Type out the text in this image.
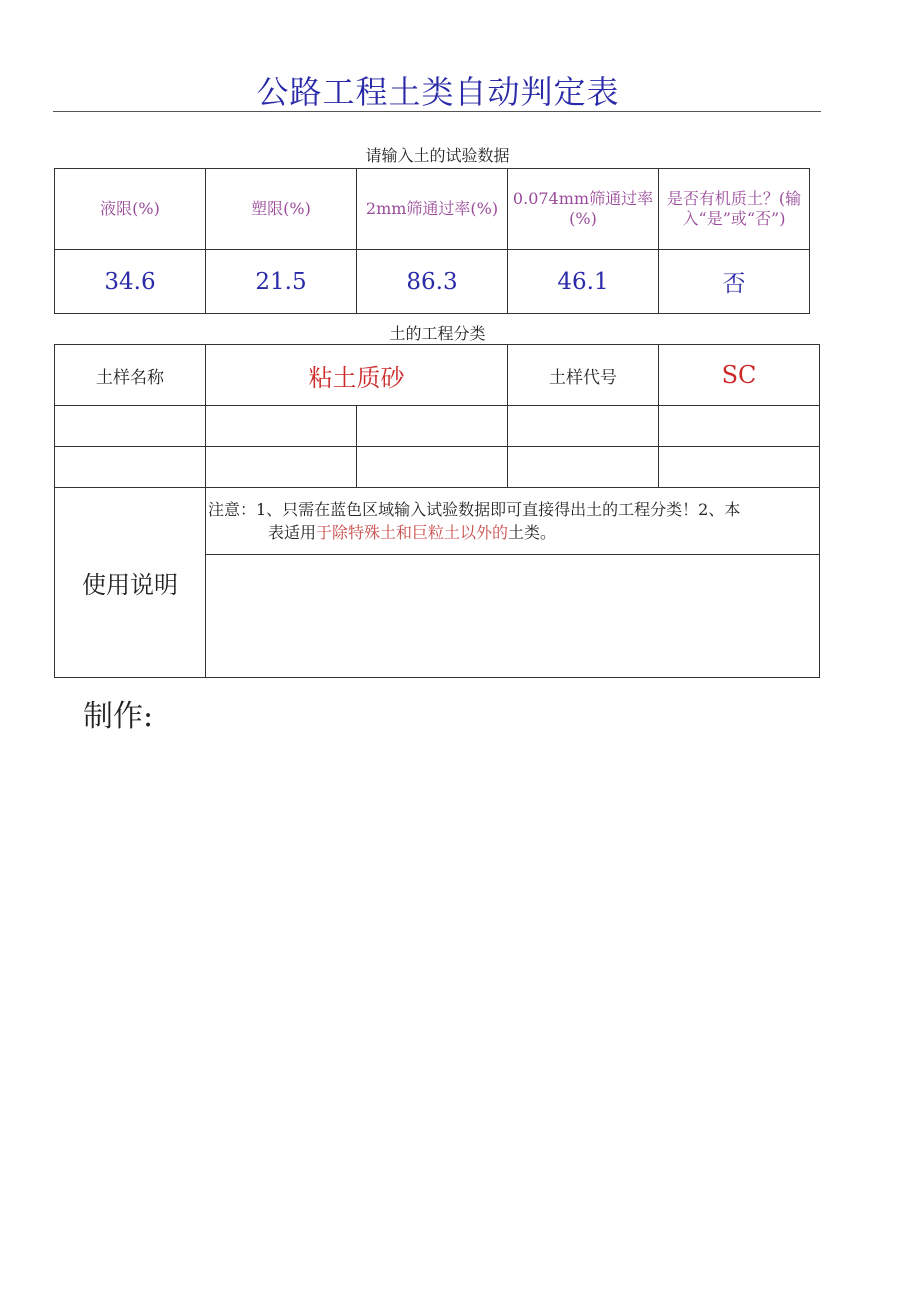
公路工程土类自动判定表
请输入土的试验数据
液限(%)	塑限(%)	2mm筛通过率(%)	0.074mm筛通过率(%)	是否有机质土？(输入“是”或“否”)
34.6	21.5	86.3	46.1	否
土的工程分类
土样名称	粘土质砂		土样代号	SC

使用说明	注意：1、只需在蓝色区域输入试验数据即可直接得出土的工程分类！2、本
表适用于除特殊土和巨粒土以外的土类。			

制作:
